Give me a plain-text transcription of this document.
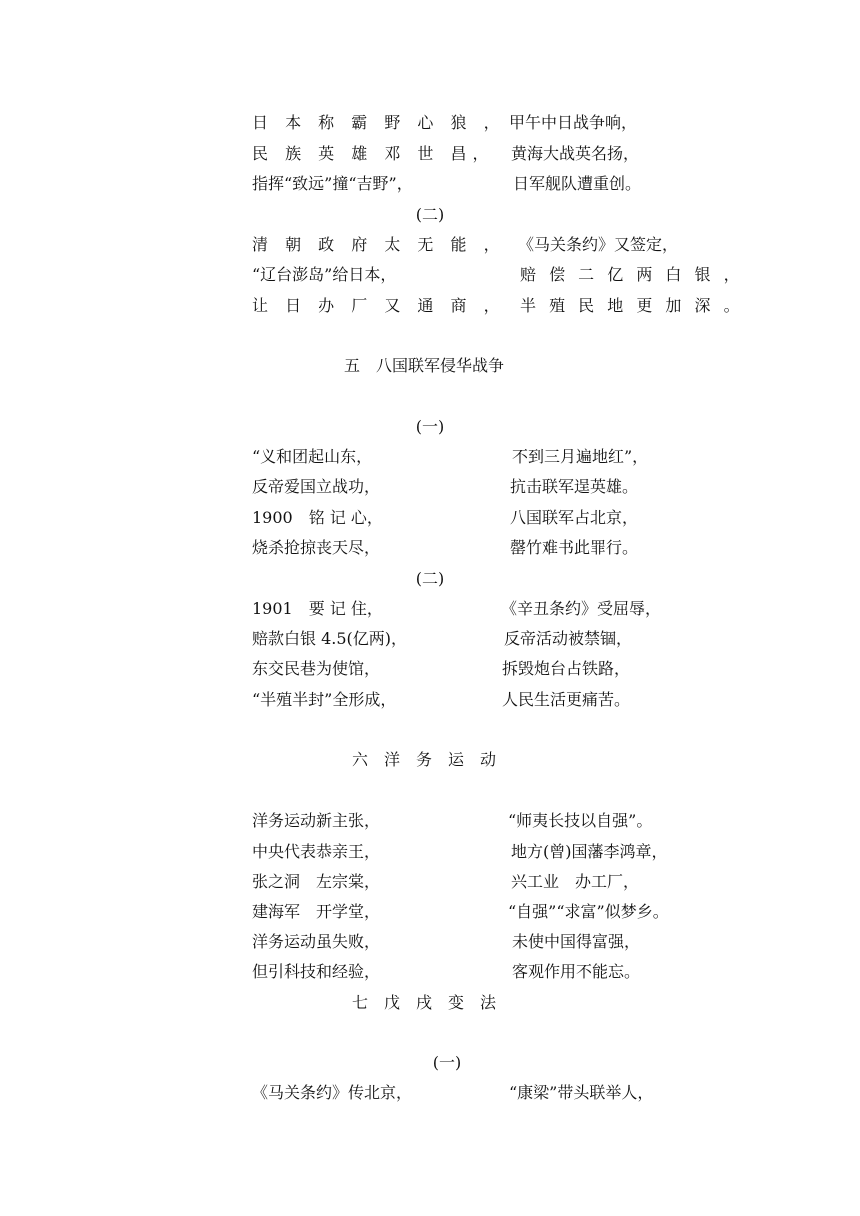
日 本 称 霸 野 心 狼 ， 甲午中日战争响，
民 族 英 雄 邓 世 昌， 黄海大战英名扬，
指挥“致远”撞“吉野”，	日军舰队遭重创。
(二)
清 朝 政 府 太 无 能 ， 《马关条约》又签定，
“辽台澎岛”给日本，	赔 偿 二 亿 两 白 银 ，
让 日 办 厂 又 通 商 ， 半 殖 民 地 更 加 深 。
五　八国联军侵华战争
(一)
“义和团起山东，	不到三月遍地红”，
反帝爱国立战功，	抗击联军逞英雄。
1900　铭 记 心，	八国联军占北京，
烧杀抢掠丧天尽，	罄竹难书此罪行。
(二)
1901　要 记 住，	《辛丑条约》受屈辱，
赔款白银 4.5(亿两)，	反帝活动被禁锢，
东交民巷为使馆，	拆毁炮台占铁路，
“半殖半封”全形成，	人民生活更痛苦。
六　洋　务　运　动
洋务运动新主张，	“师夷长技以自强”。
中央代表恭亲王，	地方(曾)国藩李鸿章，
张之洞　左宗棠，	兴工业　办工厂，
建海军　开学堂，	“自强”“求富”似梦乡。
洋务运动虽失败，	未使中国得富强，
但引科技和经验，	客观作用不能忘。
七　戊　戌　变　法
(一)
《马关条约》传北京，	“康梁”带头联举人，
